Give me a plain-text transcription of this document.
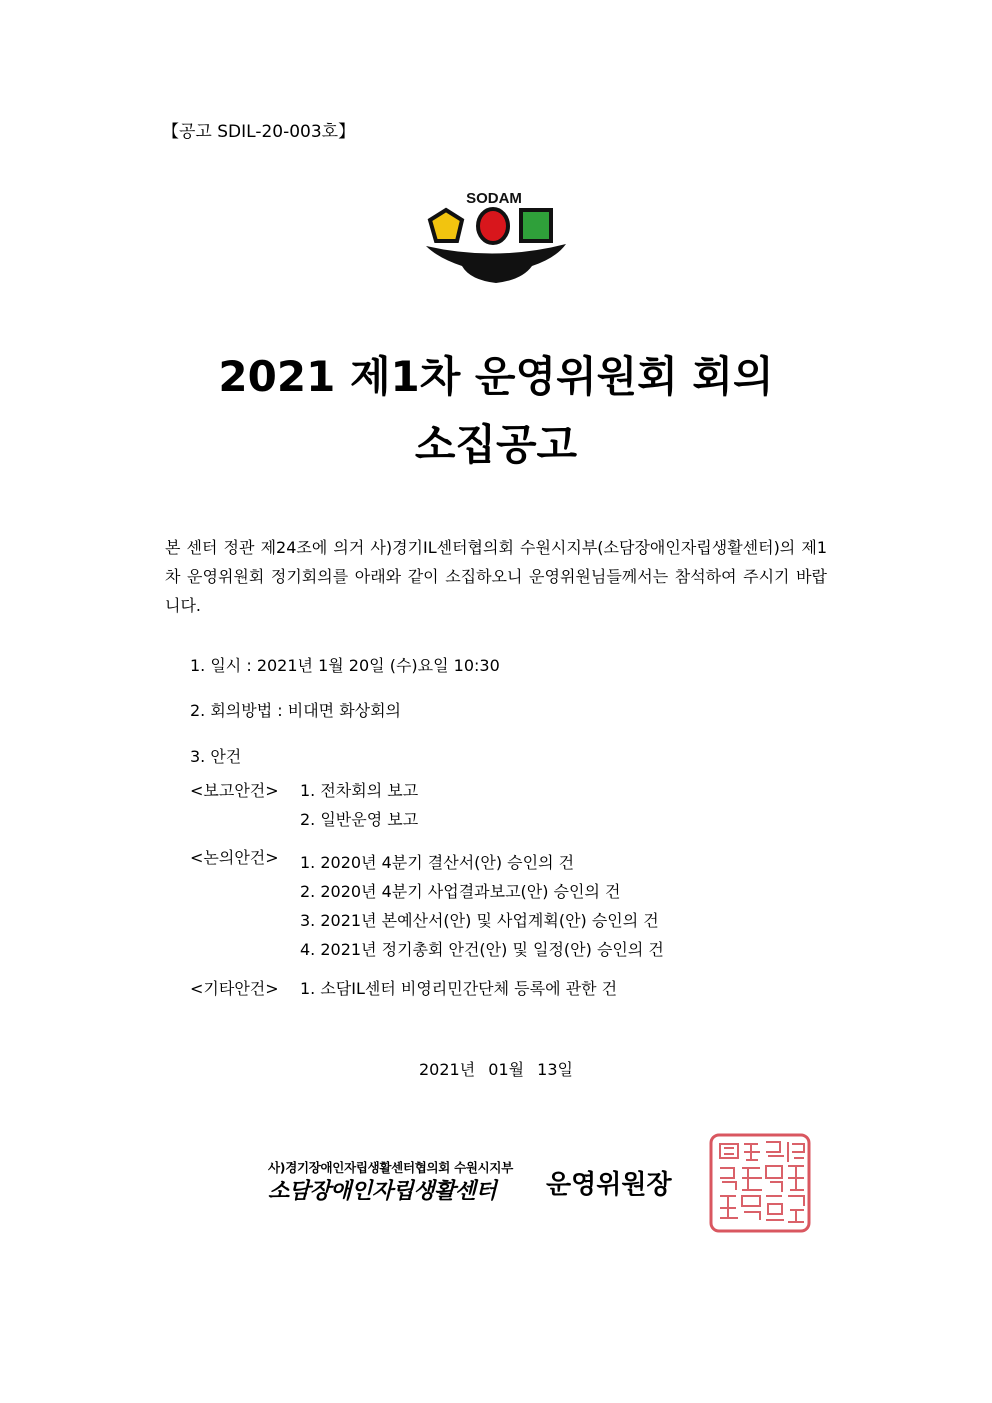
【공고 SDIL-20-003호】
SODAM
2021 제1차 운영위원회 회의
소집공고
본 센터 정관 제24조에 의거 사)경기IL센터협의회 수원시지부(소담장애인자립생활센터)의 제1차 운영위원회 정기회의를 아래와 같이 소집하오니 운영위원님들께서는 참석하여 주시기 바랍니다.
1. 일시 : 2021년 1월 20일 (수)요일 10:30
2. 회의방법 : 비대면 화상회의
3. 안건
<보고안건> 1. 전차회의 보고
2. 일반운영 보고
<논의안건> 1. 2020년 4분기 결산서(안) 승인의 건
2. 2020년 4분기 사업결과보고(안) 승인의 건
3. 2021년 본예산서(안) 및 사업계획(안) 승인의 건
4. 2021년 정기총회 안건(안) 및 일정(안) 승인의 건
<기타안건> 1. 소담IL센터 비영리민간단체 등록에 관한 건
2021년 01월 13일
사)경기장애인자립생활센터협의회 수원시지부
소담장애인자립생활센터 운영위원장
